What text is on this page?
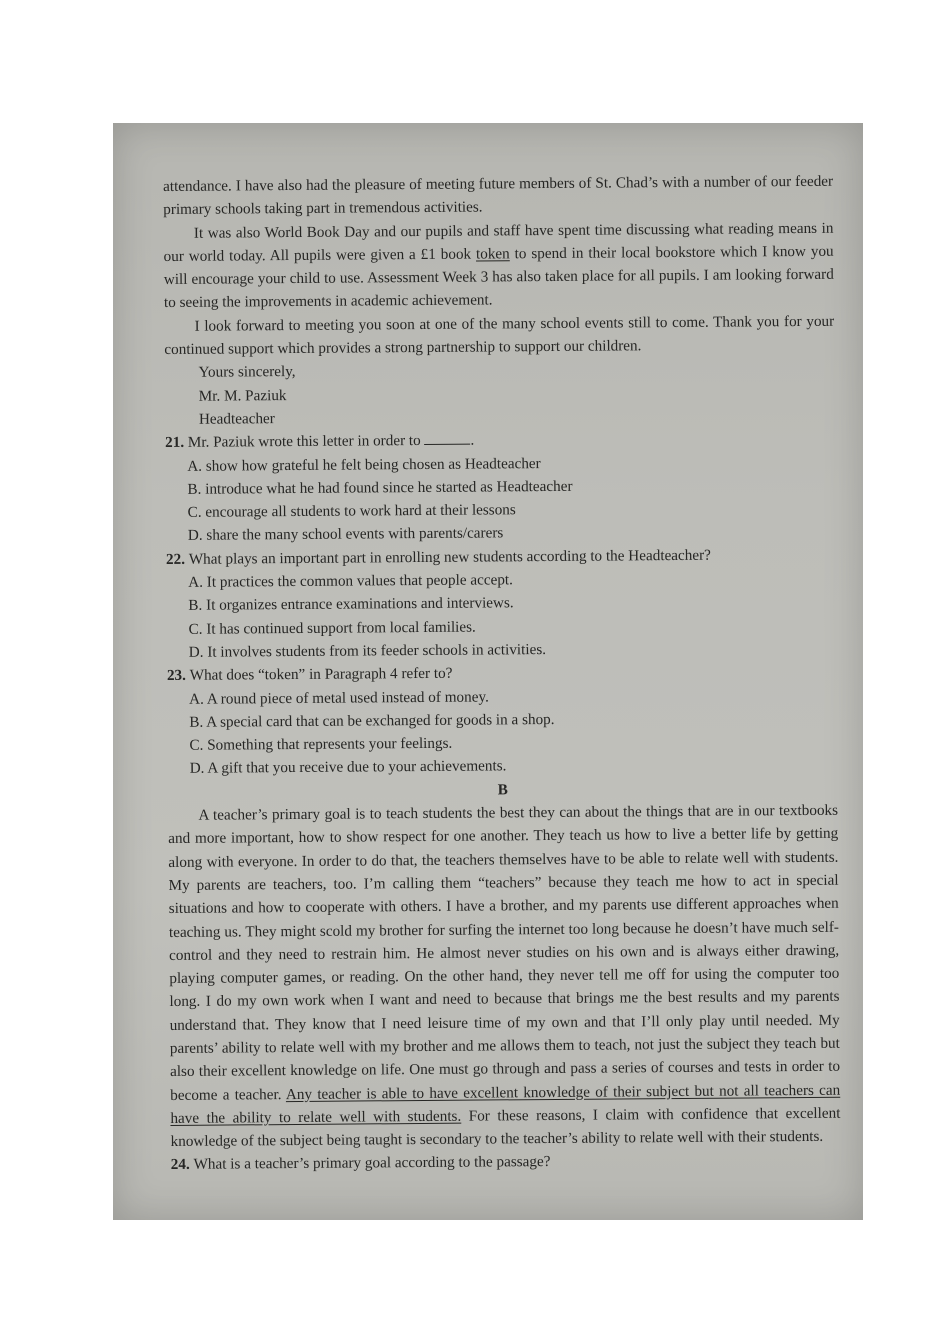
attendance. I have also had the pleasure of meeting future members of St. Chad’s with a number of our feeder primary schools taking part in tremendous activities.

It was also World Book Day and our pupils and staff have spent time discussing what reading means in our world today. All pupils were given a £1 book token to spend in their local bookstore which I know you will encourage your child to use. Assessment Week 3 has also taken place for all pupils. I am looking forward to seeing the improvements in academic achievement.

I look forward to meeting you soon at one of the many school events still to come. Thank you for your continued support which provides a strong partnership to support our children.

Yours sincerely,

Mr. M. Paziuk

Headteacher

21. Mr. Paziuk wrote this letter in order to	.

A. show how grateful he felt being chosen as Headteacher

B. introduce what he had found since he started as Headteacher

C. encourage all students to work hard at their lessons

D. share the many school events with parents/carers

22. What plays an important part in enrolling new students according to the Headteacher?

A. It practices the common values that people accept.

B. It organizes entrance examinations and interviews.

C. It has continued support from local families.

D. It involves students from its feeder schools in activities.

23. What does “token” in Paragraph 4 refer to?

A. A round piece of metal used instead of money.

B. A special card that can be exchanged for goods in a shop.

C. Something that represents your feelings.

D. A gift that you receive due to your achievements.

B

A teacher’s primary goal is to teach students the best they can about the things that are in our textbooks and more important, how to show respect for one another. They teach us how to live a better life by getting along with everyone. In order to do that, the teachers themselves have to be able to relate well with students. My parents are teachers, too. I’m calling them “teachers” because they teach me how to act in special situations and how to cooperate with others. I have a brother, and my parents use different approaches when teaching us. They might scold my brother for surfing the internet too long because he doesn’t have much self-control and they need to restrain him. He almost never studies on his own and is always either drawing, playing computer games, or reading. On the other hand, they never tell me off for using the computer too long. I do my own work when I want and need to because that brings me the best results and my parents understand that. They know that I need leisure time of my own and that I’ll only play until needed. My parents’ ability to relate well with my brother and me allows them to teach, not just the subject they teach but also their excellent knowledge on life. One must go through and pass a series of courses and tests in order to become a teacher. Any teacher is able to have excellent knowledge of their subject but not all teachers can have the ability to relate well with students. For these reasons, I claim with confidence that excellent knowledge of the subject being taught is secondary to the teacher’s ability to relate well with their students.

24. What is a teacher’s primary goal according to the passage?
